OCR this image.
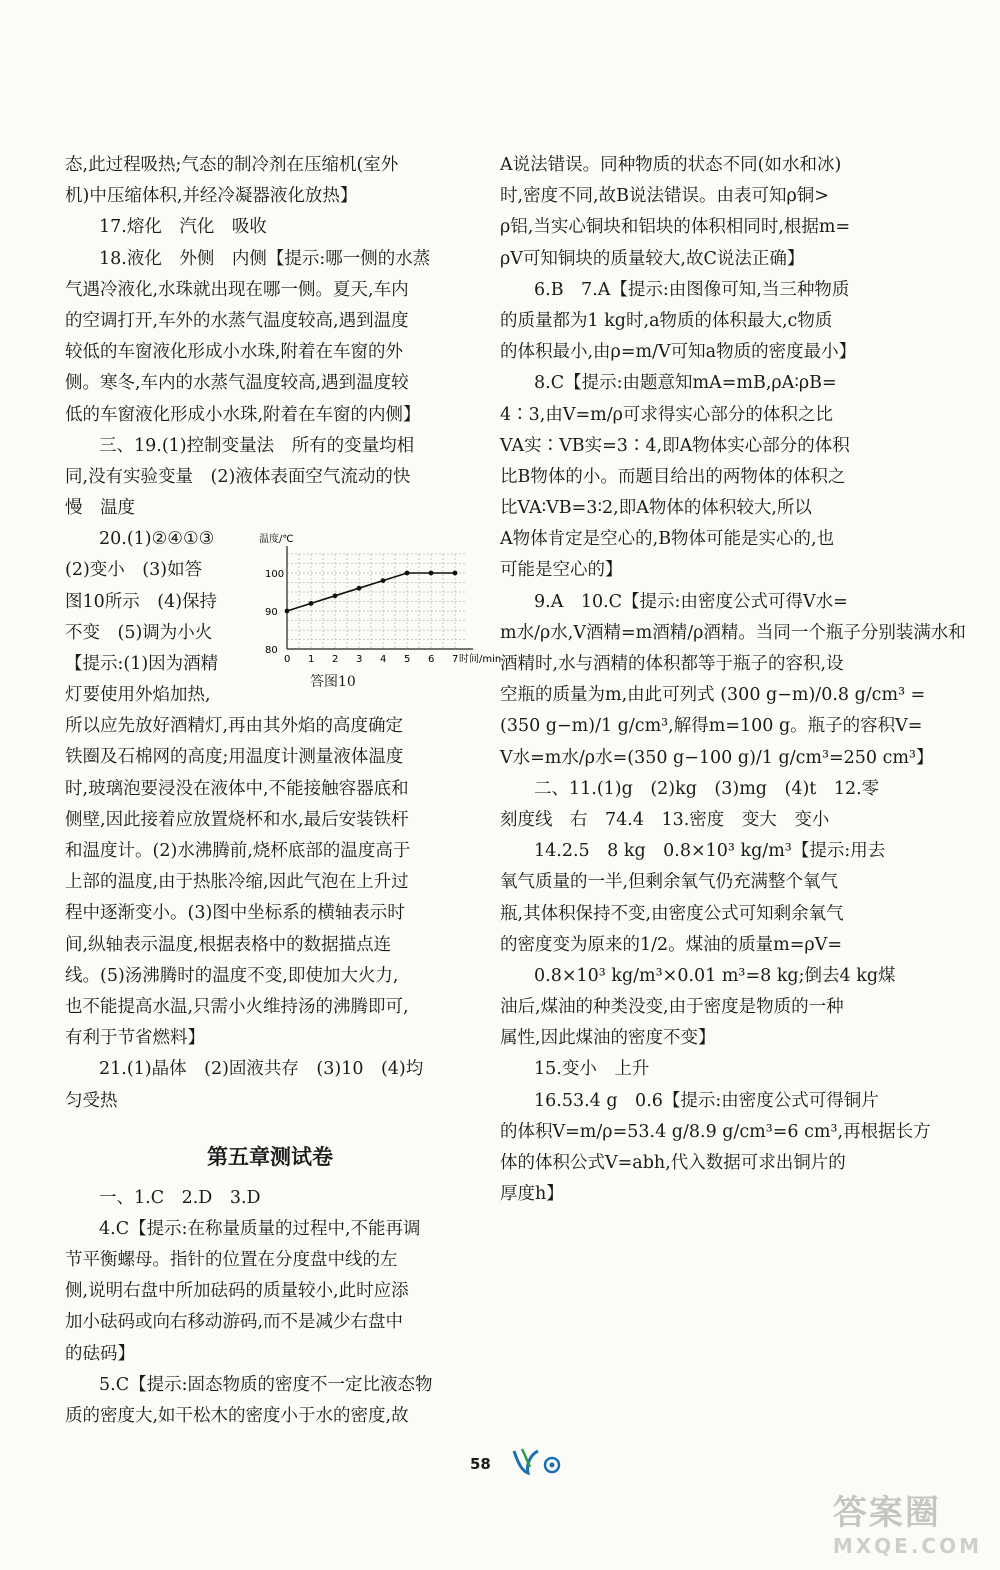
态,此过程吸热;气态的制冷剂在压缩机(室外
机)中压缩体积,并经冷凝器液化放热】
17.熔化　汽化　吸收
18.液化　外侧　内侧【提示:哪一侧的水蒸
气遇冷液化,水珠就出现在哪一侧。夏天,车内
的空调打开,车外的水蒸气温度较高,遇到温度
较低的车窗液化形成小水珠,附着在车窗的外
侧。寒冬,车内的水蒸气温度较高,遇到温度较
低的车窗液化形成小水珠,附着在车窗的内侧】
三、19.(1)控制变量法　所有的变量均相
同,没有实验变量　(2)液体表面空气流动的快
慢　温度
20.(1)②④①③
(2)变小　(3)如答
图10所示　(4)保持
不变　(5)调为小火
【提示:(1)因为酒精
灯要使用外焰加热,
温度/℃
时间/min
0 1 2 3 4 5 6 7
80
90
100
答图10
所以应先放好酒精灯,再由其外焰的高度确定
铁圈及石棉网的高度;用温度计测量液体温度
时,玻璃泡要浸没在液体中,不能接触容器底和
侧壁,因此接着应放置烧杯和水,最后安装铁杆
和温度计。(2)水沸腾前,烧杯底部的温度高于
上部的温度,由于热胀冷缩,因此气泡在上升过
程中逐渐变小。(3)图中坐标系的横轴表示时
间,纵轴表示温度,根据表格中的数据描点连
线。(5)汤沸腾时的温度不变,即使加大火力,
也不能提高水温,只需小火维持汤的沸腾即可,
有利于节省燃料】
21.(1)晶体　(2)固液共存　(3)10　(4)均
匀受热
第五章测试卷
一、1.C　2.D　3.D
4.C【提示:在称量质量的过程中,不能再调
节平衡螺母。指针的位置在分度盘中线的左
侧,说明右盘中所加砝码的质量较小,此时应添
加小砝码或向右移动游码,而不是减少右盘中
的砝码】
5.C【提示:固态物质的密度不一定比液态物
质的密度大,如干松木的密度小于水的密度,故
A说法错误。同种物质的状态不同(如水和冰)
时,密度不同,故B说法错误。由表可知ρ铜>
ρ铝,当实心铜块和铝块的体积相同时,根据m=
ρV可知铜块的质量较大,故C说法正确】
6.B　7.A【提示:由图像可知,当三种物质
的质量都为1 kg时,a物质的体积最大,c物质
的体积最小,由ρ=m/V可知a物质的密度最小】
8.C【提示:由题意知mA=mB,ρA∶ρB=
4∶3,由V=m/ρ可求得实心部分的体积之比
VA实∶VB实=3∶4,即A物体实心部分的体积
比B物体的小。而题目给出的两物体的体积之
比VA∶VB=3∶2,即A物体的体积较大,所以
A物体肯定是空心的,B物体可能是实心的,也
可能是空心的】
9.A　10.C【提示:由密度公式可得V水=
m水/ρ水,V酒精=m酒精/ρ酒精。当同一个瓶子分别装满水和
酒精时,水与酒精的体积都等于瓶子的容积,设
空瓶的质量为m,由此可列式 (300 g−m)/0.8 g/cm³ =
(350 g−m)/1 g/cm³,解得m=100 g。瓶子的容积V=
V水=m水/ρ水=(350 g−100 g)/1 g/cm³=250 cm³】
二、11.(1)g　(2)kg　(3)mg　(4)t　12.零
刻度线　右　74.4　13.密度　变大　变小
14.2.5　8 kg　0.8×10³ kg/m³【提示:用去
氧气质量的一半,但剩余氧气仍充满整个氧气
瓶,其体积保持不变,由密度公式可知剩余氧气
的密度变为原来的1/2。煤油的质量m=ρV=
0.8×10³ kg/m³×0.01 m³=8 kg;倒去4 kg煤
油后,煤油的种类没变,由于密度是物质的一种
属性,因此煤油的密度不变】
15.变小　上升
16.53.4 g　0.6【提示:由密度公式可得铜片
的体积V=m/ρ=53.4 g/8.9 g/cm³=6 cm³,再根据长方
体的体积公式V=abh,代入数据可求出铜片的
厚度h】
58
答案圈
MXQE.COM
